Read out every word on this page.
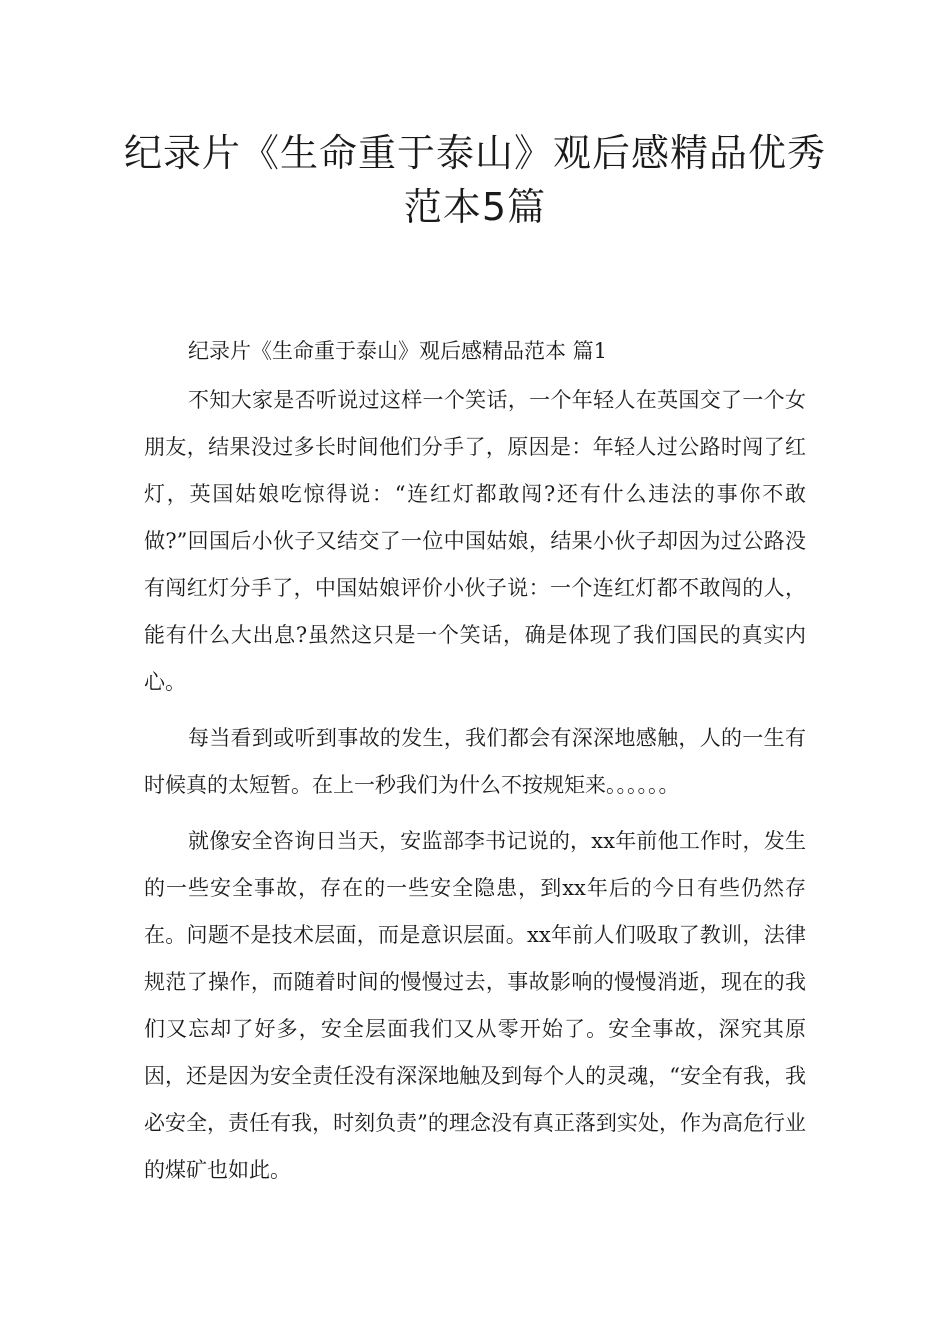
纪录片《生命重于泰山》观后感精品优秀范本5篇

纪录片《生命重于泰山》观后感精品范本 篇1

不知大家是否听说过这样一个笑话，一个年轻人在英国交了一个女朋友，结果没过多长时间他们分手了，原因是：年轻人过公路时闯了红灯，英国姑娘吃惊得说：“连红灯都敢闯?还有什么违法的事你不敢做?”回国后小伙子又结交了一位中国姑娘，结果小伙子却因为过公路没有闯红灯分手了，中国姑娘评价小伙子说：一个连红灯都不敢闯的人，能有什么大出息?虽然这只是一个笑话，确是体现了我们国民的真实内心。

每当看到或听到事故的发生，我们都会有深深地感触，人的一生有时候真的太短暂。在上一秒我们为什么不按规矩来。。。。。。

就像安全咨询日当天，安监部李书记说的，xx年前他工作时，发生的一些安全事故，存在的一些安全隐患，到xx年后的今日有些仍然存在。问题不是技术层面，而是意识层面。xx年前人们吸取了教训，法律规范了操作，而随着时间的慢慢过去，事故影响的慢慢消逝，现在的我们又忘却了好多，安全层面我们又从零开始了。安全事故，深究其原因，还是因为安全责任没有深深地触及到每个人的灵魂，“安全有我，我必安全，责任有我，时刻负责”的理念没有真正落到实处，作为高危行业的煤矿也如此。
